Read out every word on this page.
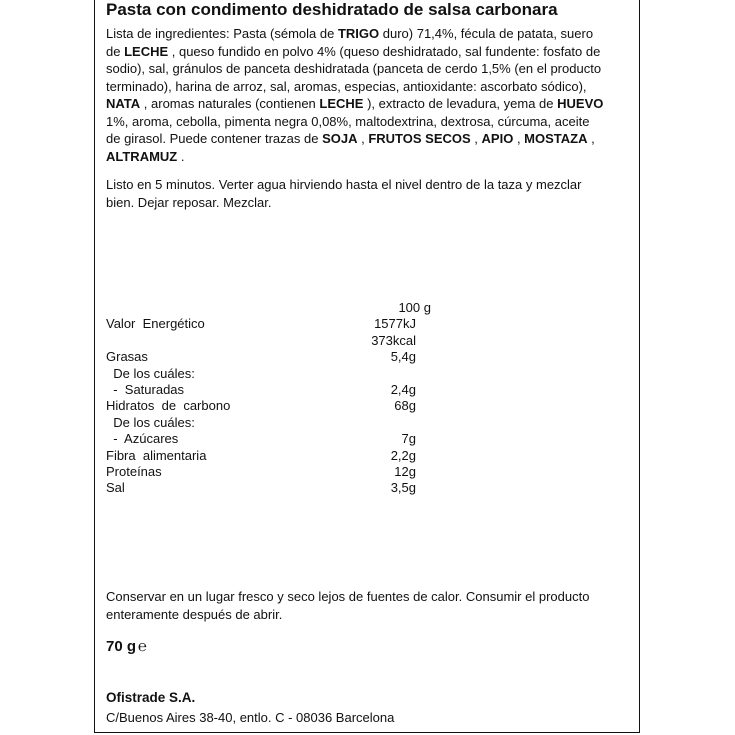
Pasta con condimento deshidratado de salsa carbonara
Lista de ingredientes: Pasta (sémola de TRIGO duro) 71,4%, fécula de patata, suero de LECHE , queso fundido en polvo 4% (queso deshidratado, sal fundente: fosfato de sodio), sal, gránulos de panceta deshidratada (panceta de cerdo 1,5% (en el producto terminado), harina de arroz, sal, aromas, especias, antioxidante: ascorbato sódico), NATA , aromas naturales (contienen LECHE ), extracto de levadura, yema de HUEVO 1%, aroma, cebolla, pimenta negra 0,08%, maltodextrina, dextrosa, cúrcuma, aceite de girasol. Puede contener trazas de SOJA , FRUTOS SECOS , APIO , MOSTAZA , ALTRAMUZ .
Listo en 5 minutos. Verter agua hirviendo hasta el nivel dentro de la taza y mezclar bien. Dejar reposar. Mezclar.
100 g
Valor  Energético	1577kJ
373kcal
Grasas	5,4g
De los cuáles:
-  Saturadas	2,4g
Hidratos  de  carbono	68g
De los cuáles:
-  Azúcares	7g
Fibra  alimentaria	2,2g
Proteínas	12g
Sal	3,5g
Conservar en un lugar fresco y seco lejos de fuentes de calor. Consumir el producto enteramente después de abrir.
70 g ℮
Ofistrade S.A.
C/Buenos Aires 38-40, entlo. C - 08036 Barcelona
